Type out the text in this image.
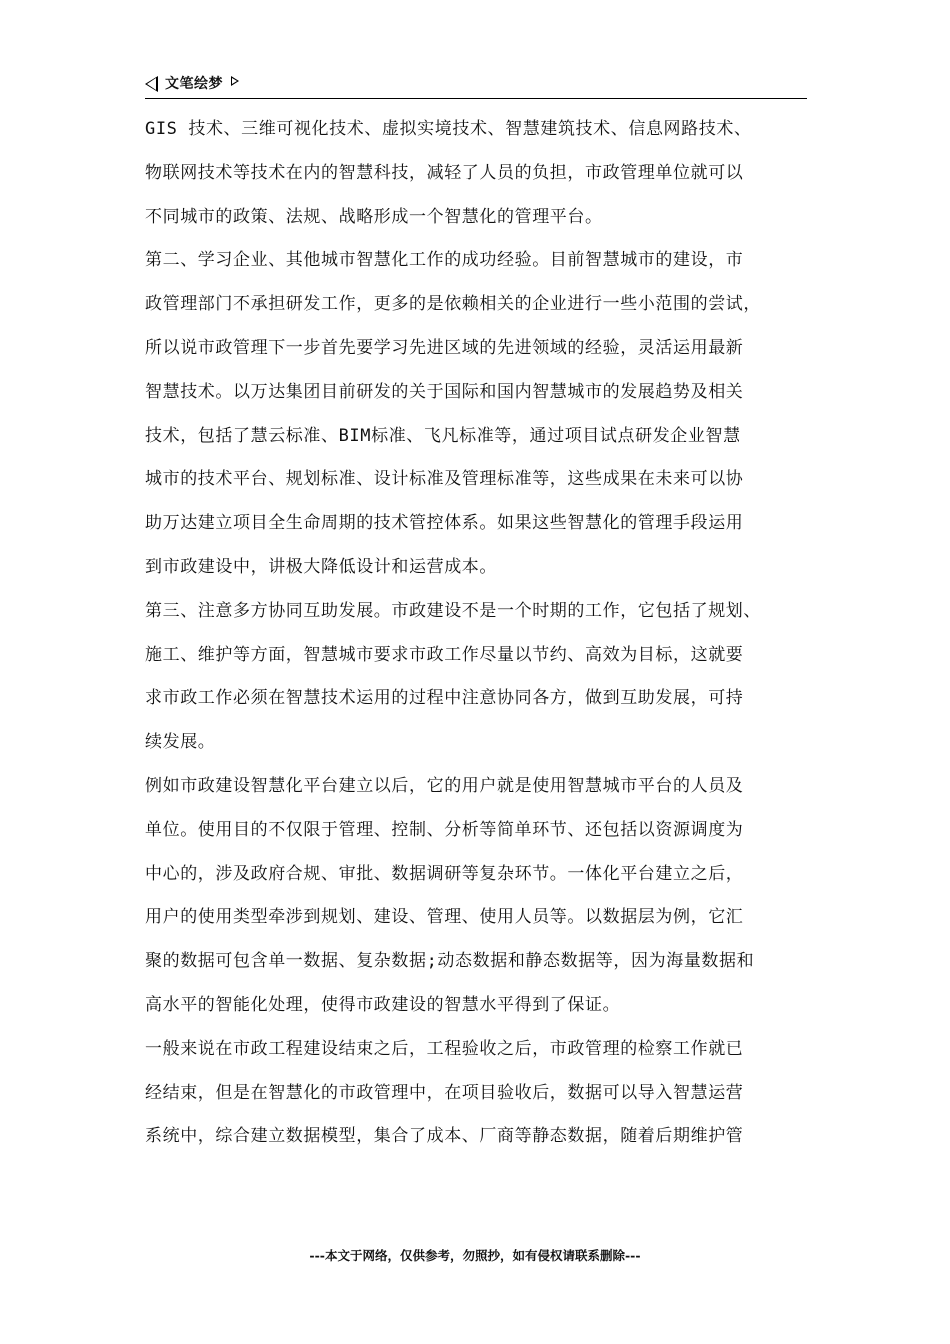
文笔绘梦
GIS 技术、三维可视化技术、虚拟实境技术、智慧建筑技术、信息网路技术、
物联网技术等技术在内的智慧科技，减轻了人员的负担，市政管理单位就可以
不同城市的政策、法规、战略形成一个智慧化的管理平台。
第二、学习企业、其他城市智慧化工作的成功经验。目前智慧城市的建设，市
政管理部门不承担研发工作，更多的是依赖相关的企业进行一些小范围的尝试，
所以说市政管理下一步首先要学习先进区域的先进领域的经验，灵活运用最新
智慧技术。以万达集团目前研发的关于国际和国内智慧城市的发展趋势及相关
技术，包括了慧云标准、BIM标准、飞凡标准等，通过项目试点研发企业智慧
城市的技术平台、规划标准、设计标准及管理标准等，这些成果在未来可以协
助万达建立项目全生命周期的技术管控体系。如果这些智慧化的管理手段运用
到市政建设中，讲极大降低设计和运营成本。
第三、注意多方协同互助发展。市政建设不是一个时期的工作，它包括了规划、
施工、维护等方面，智慧城市要求市政工作尽量以节约、高效为目标，这就要
求市政工作必须在智慧技术运用的过程中注意协同各方，做到互助发展，可持
续发展。
例如市政建设智慧化平台建立以后，它的用户就是使用智慧城市平台的人员及
单位。使用目的不仅限于管理、控制、分析等简单环节、还包括以资源调度为
中心的，涉及政府合规、审批、数据调研等复杂环节。一体化平台建立之后，
用户的使用类型牵涉到规划、建设、管理、使用人员等。以数据层为例，它汇
聚的数据可包含单一数据、复杂数据;动态数据和静态数据等，因为海量数据和
高水平的智能化处理，使得市政建设的智慧水平得到了保证。
一般来说在市政工程建设结束之后，工程验收之后，市政管理的检察工作就已
经结束，但是在智慧化的市政管理中，在项目验收后，数据可以导入智慧运营
系统中，综合建立数据模型，集合了成本、厂商等静态数据，随着后期维护管
---本文于网络，仅供参考，勿照抄，如有侵权请联系删除---
